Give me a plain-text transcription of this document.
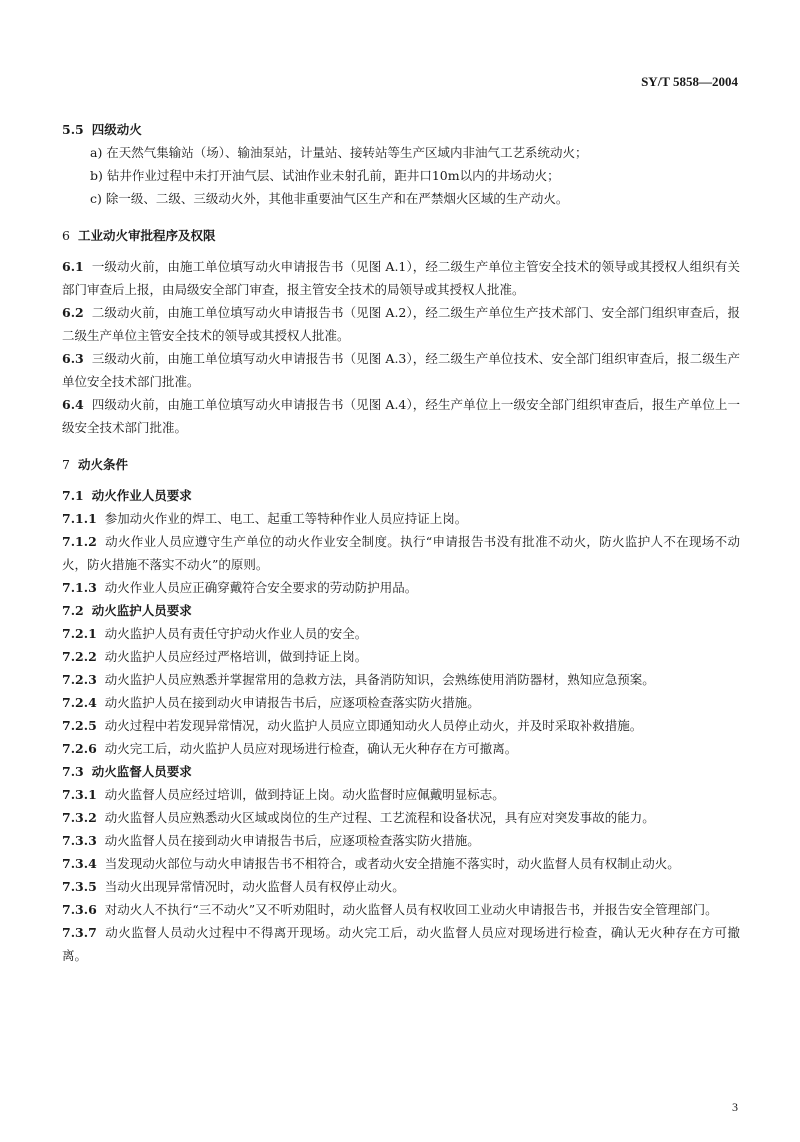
SY/T 5858—2004

5.5 四级动火

a) 在天然气集输站（场）、输油泵站，计量站、接转站等生产区域内非油气工艺系统动火；

b) 钻井作业过程中未打开油气层、试油作业未射孔前，距井口10m以内的井场动火；

c) 除一级、二级、三级动火外，其他非重要油气区生产和在严禁烟火区域的生产动火。

6 工业动火审批程序及权限

6.1 一级动火前，由施工单位填写动火申请报告书（见图 A.1），经二级生产单位主管安全技术的领导或其授权人组织有关部门审查后上报，由局级安全部门审查，报主管安全技术的局领导或其授权人批准。

6.2 二级动火前，由施工单位填写动火申请报告书（见图 A.2），经二级生产单位生产技术部门、安全部门组织审查后，报二级生产单位主管安全技术的领导或其授权人批准。

6.3 三级动火前，由施工单位填写动火申请报告书（见图 A.3），经二级生产单位技术、安全部门组织审查后，报二级生产单位安全技术部门批准。

6.4 四级动火前，由施工单位填写动火申请报告书（见图 A.4），经生产单位上一级安全部门组织审查后，报生产单位上一级安全技术部门批准。

7 动火条件

7.1 动火作业人员要求

7.1.1 参加动火作业的焊工、电工、起重工等特种作业人员应持证上岗。

7.1.2 动火作业人员应遵守生产单位的动火作业安全制度。执行“申请报告书没有批准不动火，防火监护人不在现场不动火，防火措施不落实不动火”的原则。

7.1.3 动火作业人员应正确穿戴符合安全要求的劳动防护用品。

7.2 动火监护人员要求

7.2.1 动火监护人员有责任守护动火作业人员的安全。

7.2.2 动火监护人员应经过严格培训，做到持证上岗。

7.2.3 动火监护人员应熟悉并掌握常用的急救方法，具备消防知识，会熟练使用消防器材，熟知应急预案。

7.2.4 动火监护人员在接到动火申请报告书后，应逐项检查落实防火措施。

7.2.5 动火过程中若发现异常情况，动火监护人员应立即通知动火人员停止动火，并及时采取补救措施。

7.2.6 动火完工后，动火监护人员应对现场进行检查，确认无火种存在方可撤离。

7.3 动火监督人员要求

7.3.1 动火监督人员应经过培训，做到持证上岗。动火监督时应佩戴明显标志。

7.3.2 动火监督人员应熟悉动火区域或岗位的生产过程、工艺流程和设备状况，具有应对突发事故的能力。

7.3.3 动火监督人员在接到动火申请报告书后，应逐项检查落实防火措施。

7.3.4 当发现动火部位与动火申请报告书不相符合，或者动火安全措施不落实时，动火监督人员有权制止动火。

7.3.5 当动火出现异常情况时，动火监督人员有权停止动火。

7.3.6 对动火人不执行“三不动火”又不听劝阻时，动火监督人员有权收回工业动火申请报告书，并报告安全管理部门。

7.3.7 动火监督人员动火过程中不得离开现场。动火完工后，动火监督人员应对现场进行检查，确认无火种存在方可撤离。

3
